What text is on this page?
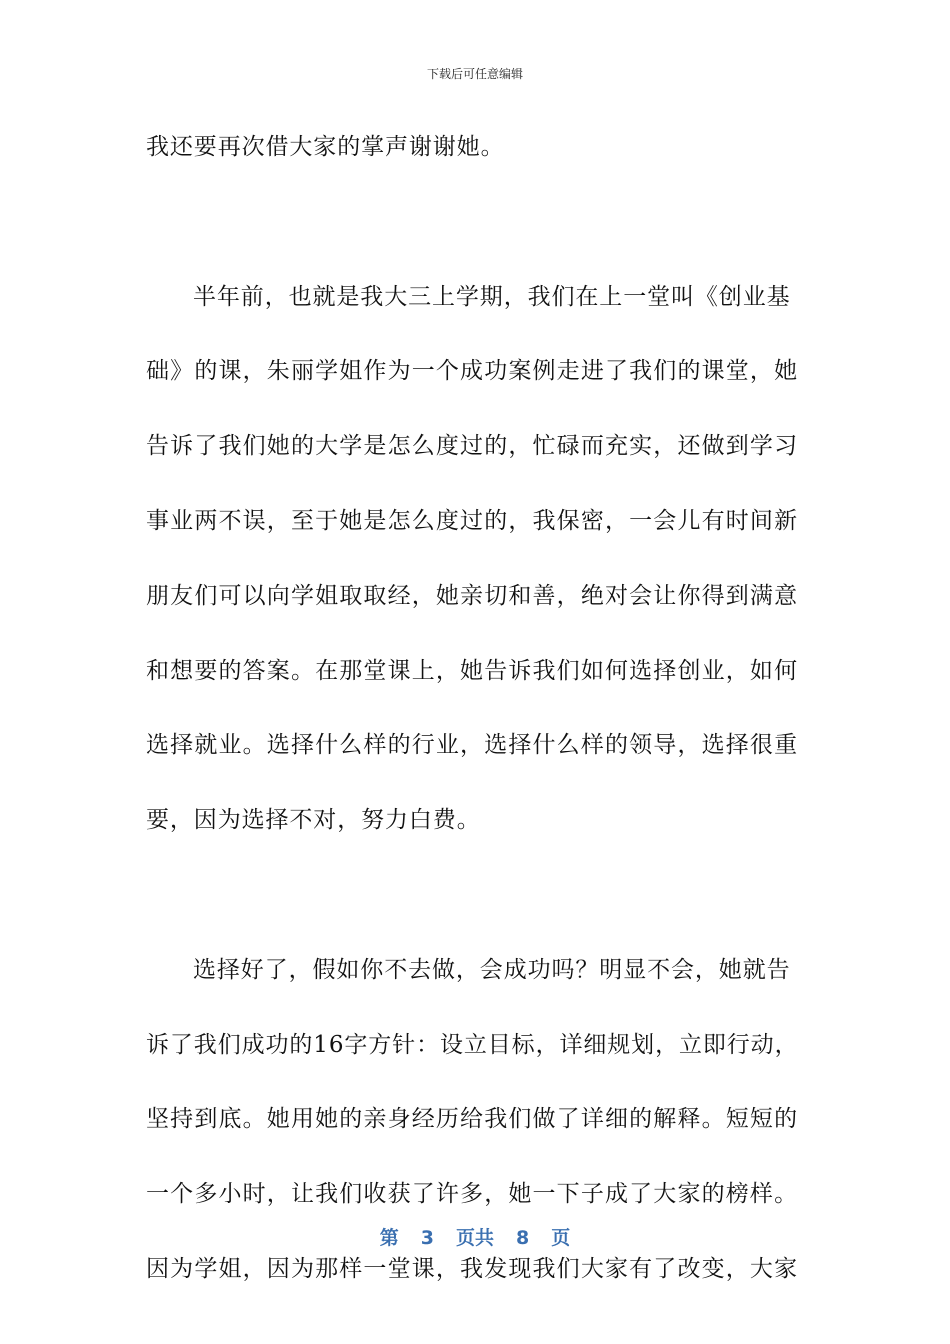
下载后可任意编辑
我还要再次借大家的掌声谢谢她。
半年前，也就是我大三上学期，我们在上一堂叫《创业基
础》的课，朱丽学姐作为一个成功案例走进了我们的课堂，她
告诉了我们她的大学是怎么度过的，忙碌而充实，还做到学习
事业两不误，至于她是怎么度过的，我保密，一会儿有时间新
朋友们可以向学姐取取经，她亲切和善，绝对会让你得到满意
和想要的答案。在那堂课上，她告诉我们如何选择创业，如何
选择就业。选择什么样的行业，选择什么样的领导，选择很重
要，因为选择不对，努力白费。
选择好了，假如你不去做，会成功吗？明显不会，她就告
诉了我们成功的16字方针：设立目标，详细规划，立即行动，
坚持到底。她用她的亲身经历给我们做了详细的解释。短短的
一个多小时，让我们收获了许多，她一下子成了大家的榜样。
因为学姐，因为那样一堂课，我发现我们大家有了改变，大家
第 3 页共 8 页
